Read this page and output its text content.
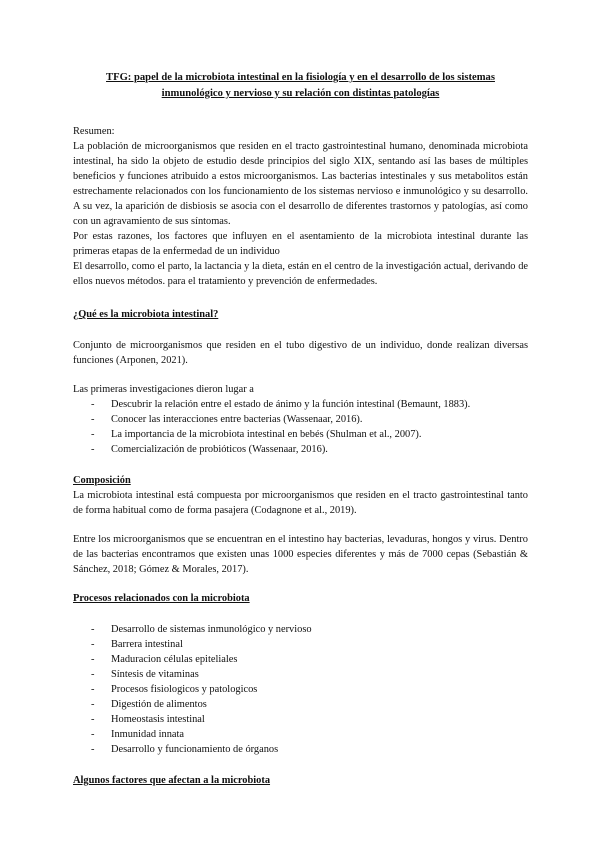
TFG: papel de la microbiota intestinal en la fisiología y en el desarrollo de los sistemas inmunológico y nervioso y su relación con distintas patologías
Resumen:

La población de microorganismos que residen en el tracto gastrointestinal humano, denominada microbiota intestinal, ha sido la objeto de estudio desde principios del siglo XIX, sentando así las bases de múltiples beneficios y funciones atribuido a estos microorganismos. Las bacterias intestinales y sus metabolitos están estrechamente relacionados con los funcionamiento de los sistemas nervioso e inmunológico y su desarrollo. A su vez, la aparición de disbiosis se asocia con el desarrollo de diferentes trastornos y patologías, así como con un agravamiento de sus síntomas.

Por estas razones, los factores que influyen en el asentamiento de la microbiota intestinal durante las primeras etapas de la enfermedad de un individuo

El desarrollo, como el parto, la lactancia y la dieta, están en el centro de la investigación actual, derivando de ellos nuevos métodos. para el tratamiento y prevención de enfermedades.

¿Qué es la microbiota intestinal?

Conjunto de microorganismos que residen en el tubo digestivo de un individuo, donde realizan diversas funciones (Arponen, 2021).

Las primeras investigaciones dieron lugar a

- Descubrir la relación entre el estado de ánimo y la función intestinal (Bemaunt, 1883).
- Conocer las interacciones entre bacterias (Wassenaar, 2016).
- La importancia de la microbiota intestinal en bebés (Shulman et al., 2007).
- Comercialización de probióticos (Wassenaar, 2016).
Composición

La microbiota intestinal está compuesta por microorganismos que residen en el tracto gastrointestinal tanto de forma habitual como de forma pasajera (Codagnone et al., 2019).

Entre los microorganismos que se encuentran en el intestino hay bacterias, levaduras, hongos y virus. Dentro de las bacterias encontramos que existen unas 1000 especies diferentes y más de 7000 cepas (Sebastián & Sánchez, 2018; Gómez & Morales, 2017).

Procesos relacionados con la microbiota
- Desarrollo de sistemas inmunológico y nervioso
- Barrera intestinal
- Maduracion células epiteliales
- Síntesis de vitaminas
- Procesos fisiologicos y patologicos
- Digestión de alimentos
- Homeostasis intestinal
- Inmunidad innata
- Desarrollo y funcionamiento de órganos
Algunos factores que afectan a la microbiota
